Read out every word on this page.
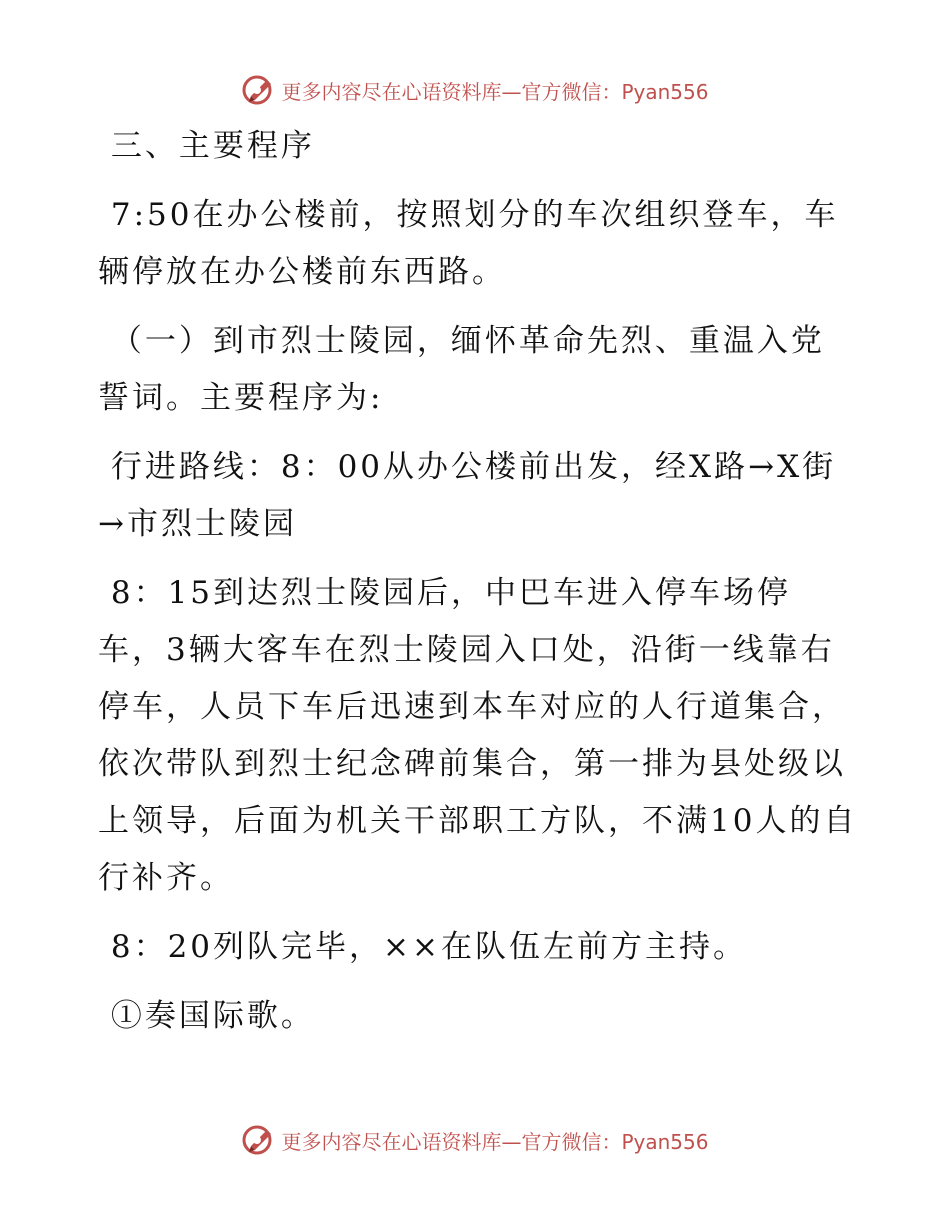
更多内容尽在心语资料库—官方微信：Pyan556

三、主要程序

7:50在办公楼前，按照划分的车次组织登车，车辆停放在办公楼前东西路。

（一）到市烈士陵园，缅怀革命先烈、重温入党誓词。主要程序为:

行进路线：8：00从办公楼前出发，经X路→X街→市烈士陵园

8：15到达烈士陵园后，中巴车进入停车场停车，3辆大客车在烈士陵园入口处，沿街一线靠右停车，人员下车后迅速到本车对应的人行道集合，依次带队到烈士纪念碑前集合，第一排为县处级以上领导，后面为机关干部职工方队，不满10人的自行补齐。

8：20列队完毕，××在队伍左前方主持。

①奏国际歌。

更多内容尽在心语资料库—官方微信：Pyan556
